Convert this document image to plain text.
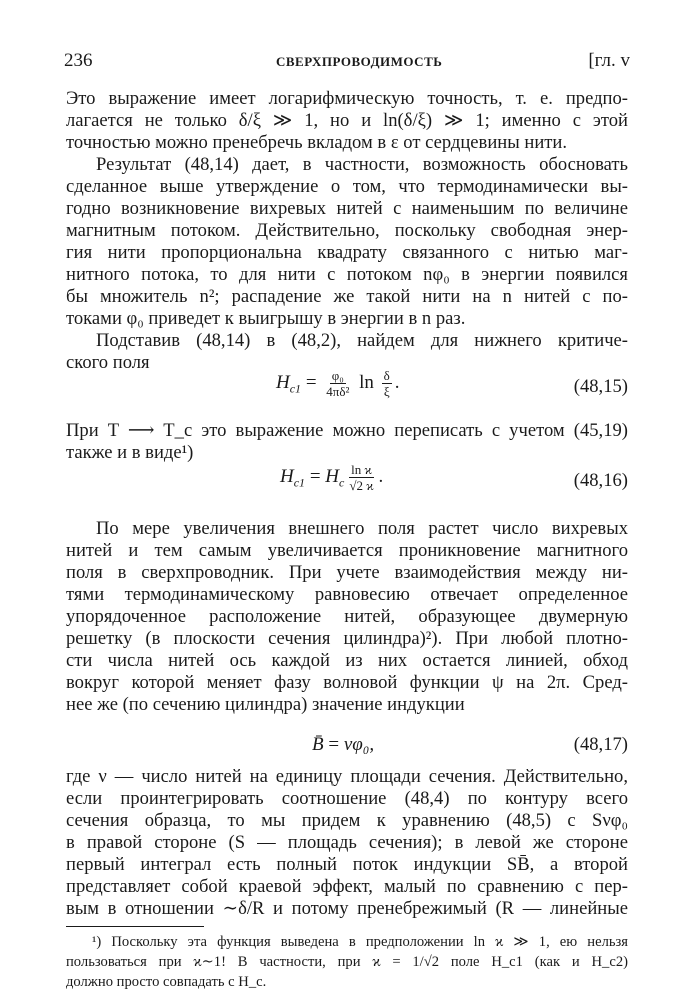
236	СВЕРХПРОВОДИМОСТЬ	[гл. v
Это выражение имеет логарифмическую точность, т. е. предпо-
лагается не только δ/ξ ≫ 1, но и ln(δ/ξ) ≫ 1; именно с этой
точностью можно пренебречь вкладом в ε от сердцевины нити.
Результат (48,14) дает, в частности, возможность обосновать
сделанное выше утверждение о том, что термодинамически вы-
годно возникновение вихревых нитей с наименьшим по величине
магнитным потоком. Действительно, поскольку свободная энер-
гия нити пропорциональна квадрату связанного с нитью маг-
нитного потока, то для нити с потоком nφ₀ в энергии появился
бы множитель n²; распадение же такой нити на n нитей с по-
токами φ₀ приведет к выигрышу в энергии в n раз.
Подставив (48,14) в (48,2), найдем для нижнего критиче-
ского поля
$H_{c1} = \frac{\text{φ₀}}{\text{4πδ²}}$ $\ln \frac{\delta}{\xi}$ .	(48,15)
При T ⟶ T_c это выражение можно переписать с учетом (45,19)
также и в виде¹)
$H_{c1} = H_c \frac{\text{ln ϰ}}{√2 ϰ}$ .	(48,16)
По мере увеличения внешнего поля растет число вихревых
нитей и тем самым увеличивается проникновение магнитного
поля в сверхпроводник. При учете взаимодействия между ни-
тями термодинамическому равновесию отвечает определенное
упорядоченное расположение нитей, образующее двумерную
решетку (в плоскости сечения цилиндра)²). При любой плотно-
сти числа нитей ось каждой из них остается линией, обход
вокруг которой меняет фазу волновой функции ψ на 2π. Сред-
нее же (по сечению цилиндра) значение индукции
B̄ = νφ₀,	(48,17)
где ν — число нитей на единицу площади сечения. Действительно,
если проинтегрировать соотношение (48,4) по контуру всего
сечения образца, то мы придем к уравнению (48,5) с Sνφ₀
в правой стороне (S — площадь сечения); в левой же стороне
первый интеграл есть полный поток индукции SB̄, а второй
представляет собой краевой эффект, малый по сравнению с пер-
вым в отношении ∼δ/R и потому пренебрежимый (R — линейные
¹) Поскольку эта функция выведена в предположении ln ϰ ≫ 1, ею нельзя
пользоваться при ϰ∼1! В частности, при ϰ = 1/√2 поле H_c1 (как и H_c2)
должно просто совпадать с H_c.
